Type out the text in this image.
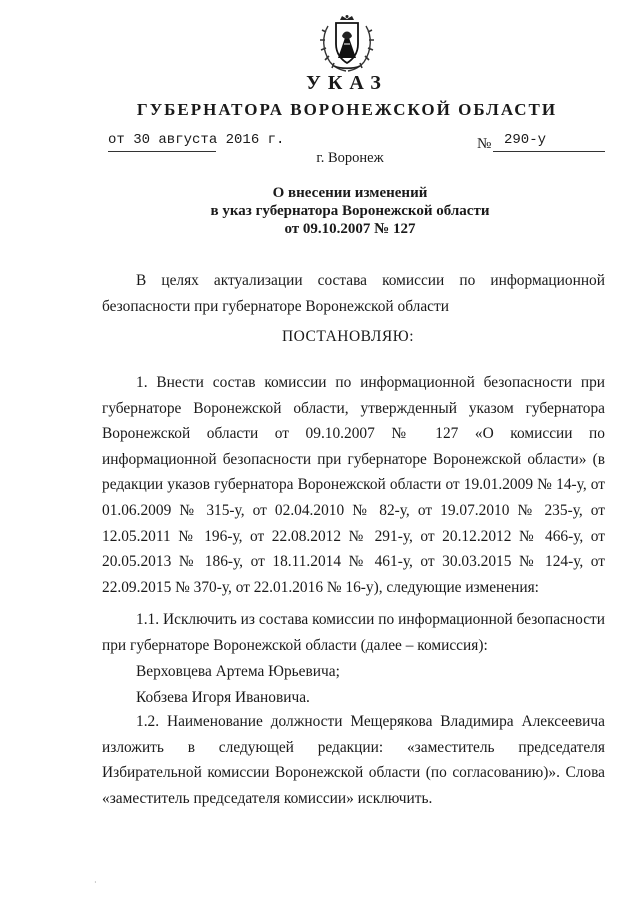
УКАЗ
ГУБЕРНАТОРА ВОРОНЕЖСКОЙ ОБЛАСТИ
от 30 августа 2016 г.	№ 290-у
г. Воронеж
О внесении изменений
в указ губернатора Воронежской области
от 09.10.2007 № 127

В целях актуализации состава комиссии по информационной безопасности при губернаторе Воронежской области

ПОСТАНОВЛЯЮ:

1. Внести состав комиссии по информационной безопасности при губернаторе Воронежской области, утвержденный указом губернатора Воронежской области от 09.10.2007 № 127 «О комиссии по информационной безопасности при губернаторе Воронежской области» (в редакции указов губернатора Воронежской области от 19.01.2009 № 14-у, от 01.06.2009 № 315-у, от 02.04.2010 № 82-у, от 19.07.2010 № 235-у, от 12.05.2011 № 196-у, от 22.08.2012 № 291-у, от 20.12.2012 № 466-у, от 20.05.2013 № 186-у, от 18.11.2014 № 461-у, от 30.03.2015 № 124-у, от 22.09.2015 № 370-у, от 22.01.2016 № 16-у), следующие изменения:

1.1. Исключить из состава комиссии по информационной безопасности при губернаторе Воронежской области (далее – комиссия):

Верховцева Артема Юрьевича;
Кобзева Игоря Ивановича.

1.2. Наименование должности Мещерякова Владимира Алексеевича изложить в следующей редакции: «заместитель председателя Избирательной комиссии Воронежской области (по согласованию)». Слова «заместитель председателя комиссии» исключить.

·
